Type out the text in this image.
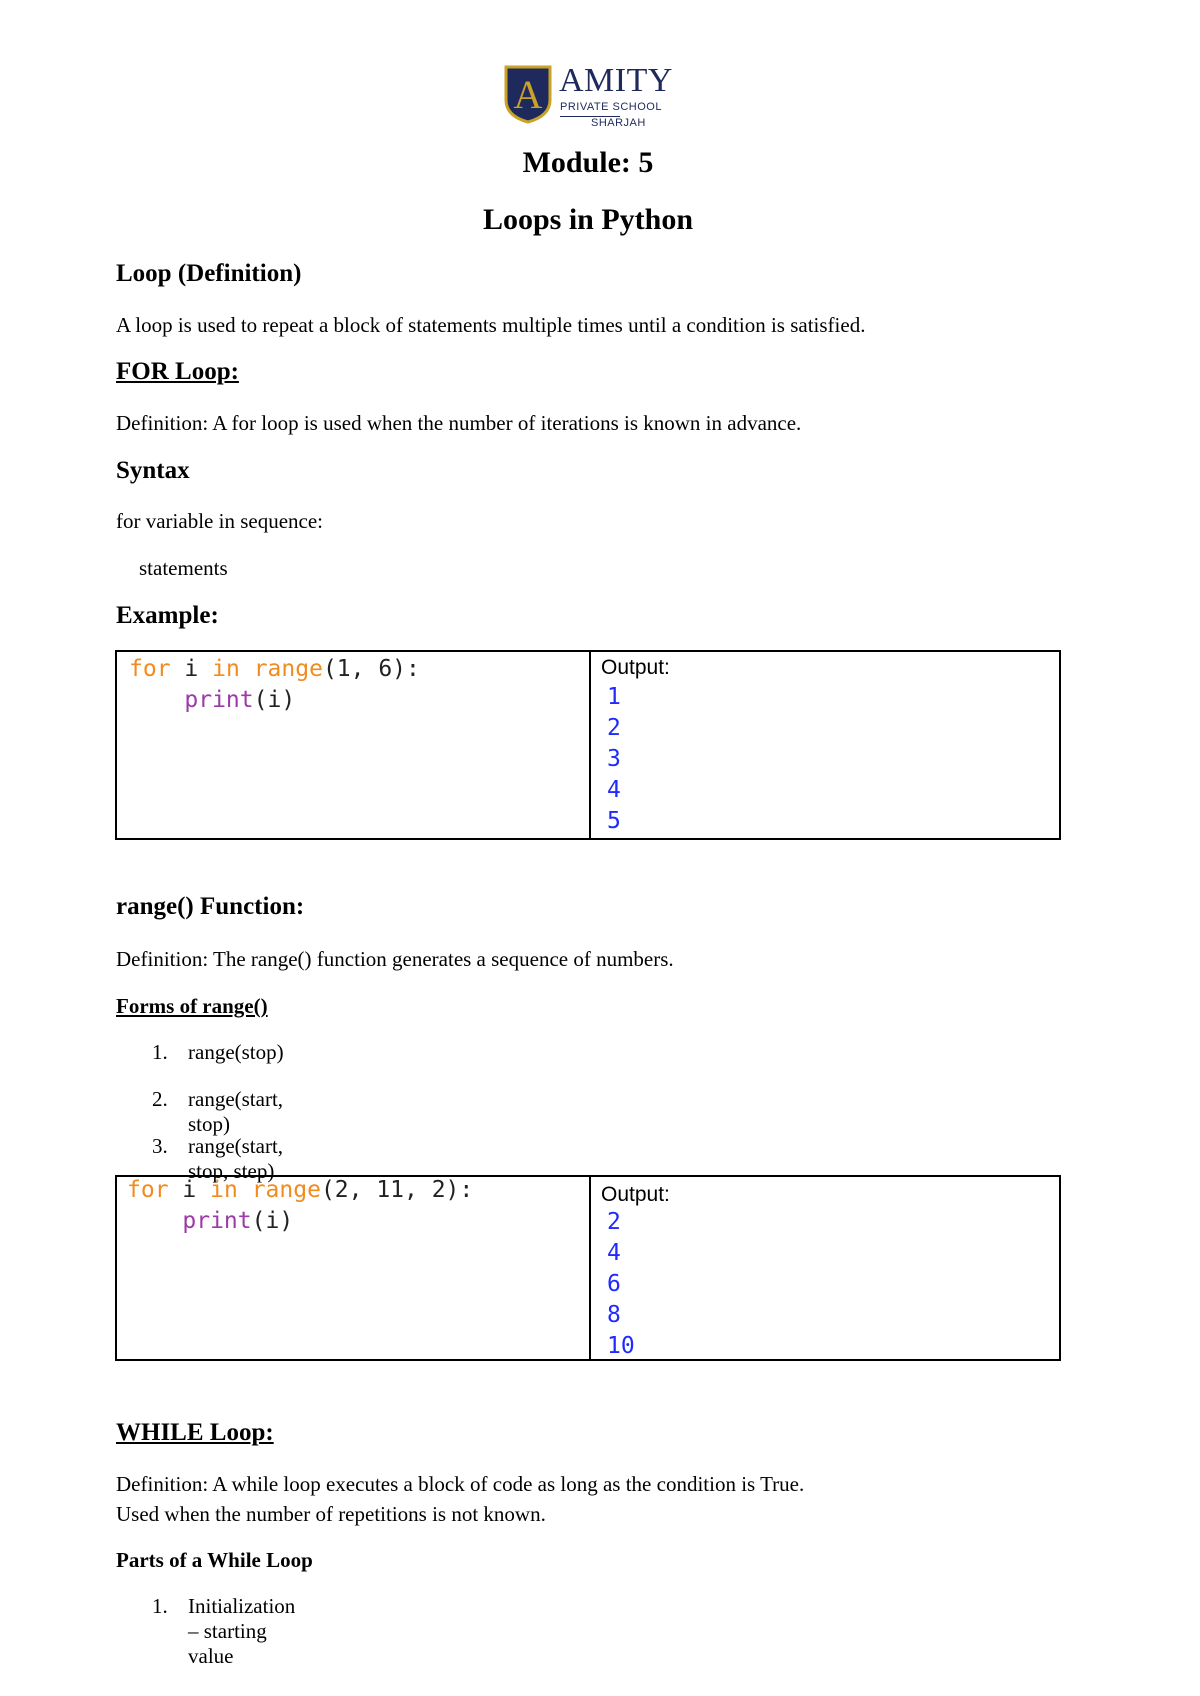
A AMITY
PRIVATE SCHOOL
SHARJAH
Module: 5
Loops in Python
Loop (Definition)
A loop is used to repeat a block of statements multiple times until a condition is satisfied.
FOR Loop:
Definition: A for loop is used when the number of iterations is known in advance.
Syntax
for variable in sequence:
statements
Example:
for i in range(1, 6):
print(i)
Output:
1
2
3
4
5
range() Function:
Definition: The range() function generates a sequence of numbers.
Forms of range()
1. range(stop)
2. range(start, stop)
3. range(start, stop, step)
for i in range(2, 11, 2):
print(i)
Output:
2
4
6
8
10
WHILE Loop:
Definition: A while loop executes a block of code as long as the condition is True.
Used when the number of repetitions is not known.
Parts of a While Loop
1. Initialization – starting value
